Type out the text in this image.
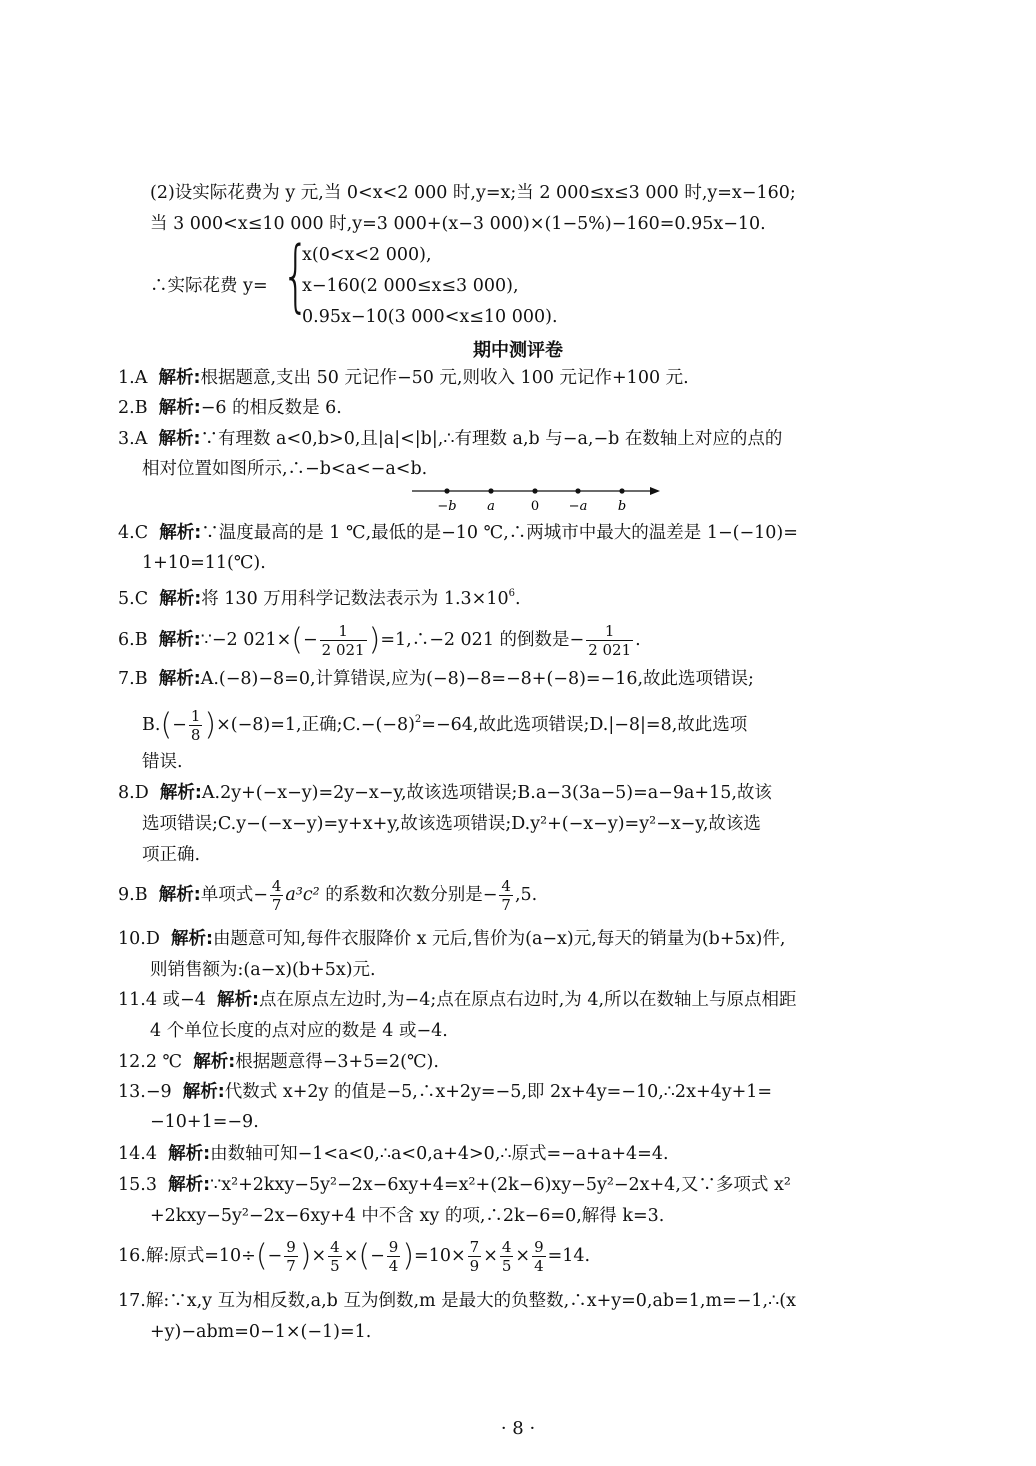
(2)设实际花费为 y 元,当 0<x<2 000 时,y=x;当 2 000≤x≤3 000 时,y=x−160;
当 3 000<x≤10 000 时,y=3 000+(x−3 000)×(1−5%)−160=0.95x−10.
∴实际花费 y= {
x(0<x<2 000),
x−160(2 000≤x≤3 000),
0.95x−10(3 000<x≤10 000).
期中测评卷
1.A 解析:根据题意,支出 50 元记作−50 元,则收入 100 元记作+100 元.
2.B 解析:−6 的相反数是 6.
3.A 解析:∵有理数 a<0,b>0,且|a|<|b|,∴有理数 a,b 与−a,−b 在数轴上对应的点的
相对位置如图所示,∴−b<a<−a<b.
−b a	0 −a b
4.C 解析:∵温度最高的是 1 ℃,最低的是−10 ℃,∴两城市中最大的温差是 1−(−10)=
1+10=11(℃).
5.C 解析:将 130 万用科学记数法表示为 $1.3\times 10^6$.
6.B 解析:∵−2 $021\times(- \frac{1}{2 021}$ )=1,∴−2 021 的倒数是− $\frac{1}{2 021}$ .
7.B 解析:A.(−8)−8=0,计算错误,应为(−8)−8=−8+(−8)=−16,故此选项错误;
$B.(- \frac{1}{8} )\times(-8)=1$,正确$;C.-(-8)^2=-64$,故此选项错误;D.|−8|=8,故此选项
错误.
8.D 解析:A.2y+(−x−y)=2y−x−y,故该选项错误;B.a−3(3a−5)=a−9a+15,故该
选项错误;C.y−(−x−y)=y+x+y,故该选项错误;D.y²+(−x−y)=y²−x−y,故该选
项正确.
9.B 解析:单项式− $\frac{4}{7} a^3c^2$ 的系数和次数分别是− $\frac{4}{7} ,5$.
10.D 解析:由题意可知,每件衣服降价 x 元后,售价为(a−x)元,每天的销量为(b+5x)件,
则销售额为:(a−x)(b+5x)元.
11.4 或−4 解析:点在原点左边时,为−4;点在原点右边时,为 4,所以在数轴上与原点相距
4 个单位长度的点对应的数是 4 或−4.
12.2 ℃ 解析:根据题意得−3+5=2(℃).
13.−9 解析:代数式 x+2y 的值是−5,∴x+2y=−5,即 2x+4y=−10,∴2x+4y+1=
−10+1=−9.
14.4 解析:由数轴可知−1<a<0,∴a<0,a+4>0,∴原式=−a+a+4=4.
15.3 解析:∵x²+2kxy−5y²−2x−6xy+4=x²+(2k−6)xy−5y²−2x+4,又∵多项式 x²
+2kxy−5y²−2x−6xy+4 中不含 xy 的项,∴2k−6=0,解得 k=3.
16.解:原式$=10\div(- \frac{9}{7}$ )× $\frac{4}{5}$ ×(− $\frac{9}{4} )=10\times \frac{7}{9} \times \frac{4}{5} \times \frac{9}{4} =14$.
17.解:∵x,y 互为相反数,a,b 互为倒数,m 是最大的负整数,∴x+y=0,ab=1,m=−1,∴(x
+y)−abm=0−1×(−1)=1.
· 8 ·
